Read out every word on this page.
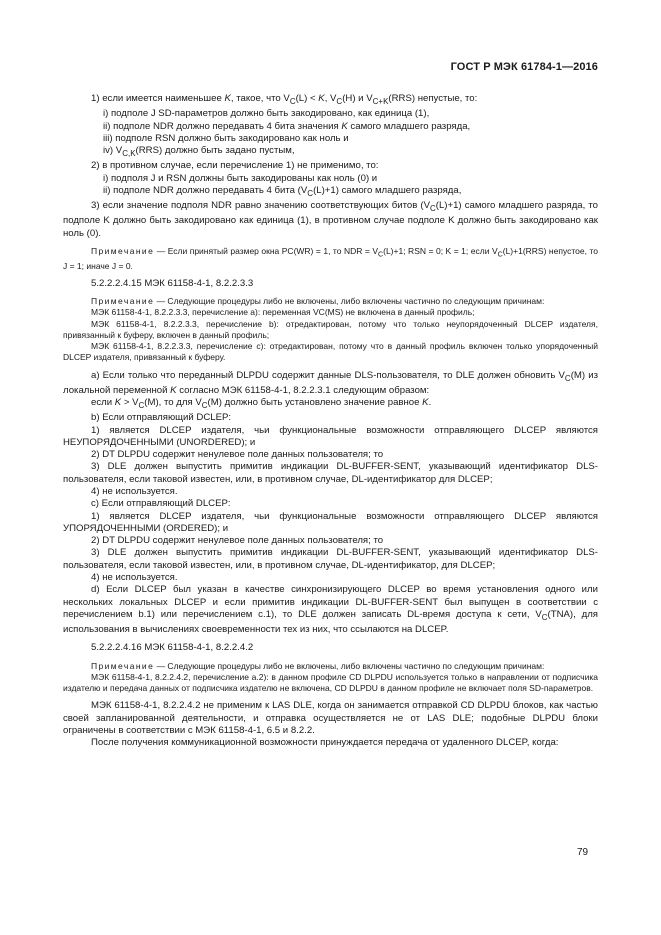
ГОСТ Р МЭК 61784-1—2016

1) если имеется наименьшее K, такое, что $V_C(L) < K$, $V_C(H)$ и $V_{C+K}(RRS)$ непустые, то:

i) подполе J SD-параметров должно быть закодировано, как единица (1),

ii) подполе NDR должно передавать 4 бита значения K самого младшего разряда,

iii) подполе RSN должно быть закодировано как ноль и

iv) $V_{C,K}(RRS)$ должно быть задано пустым,

2) в противном случае, если перечисление 1) не применимо, то:

i) подполя J и RSN должны быть закодированы как ноль (0) и

ii) подполе NDR должно передавать 4 бита $(V_C(L)+1)$ самого младшего разряда,

3) если значение подполя NDR равно значению соответствующих битов $(V_C(L)+1)$ самого младшего разряда, то подполе K должно быть закодировано как единица (1), в противном случае подполе K должно быть закодировано как ноль (0).

Примечание — Если принятый размер окна PC(WR) = 1, то NDR = $V_C(L)+1$; RSN = 0; K = 1; если $V_C(L)+1(RRS)$ непустое, то J = 1; иначе J = 0.

5.2.2.2.4.15 МЭК 61158-4-1, 8.2.2.3.3

Примечание — Следующие процедуры либо не включены, либо включены частично по следующим причинам:

МЭК 61158-4-1, 8.2.2.3.3, перечисление а): переменная VC(MS) не включена в данный профиль;

МЭК 61158-4-1, 8.2.2.3.3, перечисление b): отредактирован, потому что только неупорядоченный DLCEP издателя, привязанный к буферу, включен в данный профиль;

МЭК 61158-4-1, 8.2.2.3.3, перечисление с): отредактирован, потому что в данный профиль включен только упорядоченный DLCEP издателя, привязанный к буферу.

a) Если только что переданный DLPDU содержит данные DLS-пользователя, то DLE должен обновить $V_C(M)$ из локальной переменной K согласно МЭК 61158-4-1, 8.2.2.3.1 следующим образом:

если $K > V_C(M)$, то для $V_C(M)$ должно быть установлено значение равное K.

b) Если отправляющий DCLEP:

1) является DLCEP издателя, чьи функциональные возможности отправляющего DLCEP являются НЕУПОРЯДОЧЕННЫМИ (UNORDERED); и

2) DT DLPDU содержит ненулевое поле данных пользователя; то

3) DLE должен выпустить примитив индикации DL-BUFFER-SENT, указывающий идентификатор DLS-пользователя, если таковой известен, или, в противном случае, DL-идентификатор для DLCEP;

4) не используется.

c) Если отправляющий DLCEP:

1) является DLCEP издателя, чьи функциональные возможности отправляющего DLCEP являются УПОРЯДОЧЕННЫМИ (ORDERED); и

2) DT DLPDU содержит ненулевое поле данных пользователя; то

3) DLE должен выпустить примитив индикации DL-BUFFER-SENT, указывающий идентификатор DLS-пользователя, если таковой известен, или, в противном случае, DL-идентификатор, для DLCEP;

4) не используется.

d) Если DLCEP был указан в качестве синхронизирующего DLCEP во время установления одного или нескольких локальных DLCEP и если примитив индикации DL-BUFFER-SENT был выпущен в соответствии с перечислением b.1) или перечислением с.1), то DLE должен записать DL-время доступа к сети, $V_C(TNA)$, для использования в вычислениях своевременности тех из них, что ссылаются на DLCEP.

5.2.2.2.4.16 МЭК 61158-4-1, 8.2.2.4.2

Примечание — Следующие процедуры либо не включены, либо включены частично по следующим причинам:

МЭК 61158-4-1, 8.2.2.4.2, перечисление а.2): в данном профиле CD DLPDU используется только в направлении от подписчика издателю и передача данных от подписчика издателю не включена, CD DLPDU в данном профиле не включает поля SD-параметров.

МЭК 61158-4-1, 8.2.2.4.2 не применим к LAS DLE, когда он занимается отправкой CD DLPDU блоков, как частью своей запланированной деятельности, и отправка осуществляется не от LAS DLE; подобные DLPDU блоки ограничены в соответствии с МЭК 61158-4-1, 6.5 и 8.2.2.

После получения коммуникационной возможности принуждается передача от удаленного DLCEP, когда:

79
